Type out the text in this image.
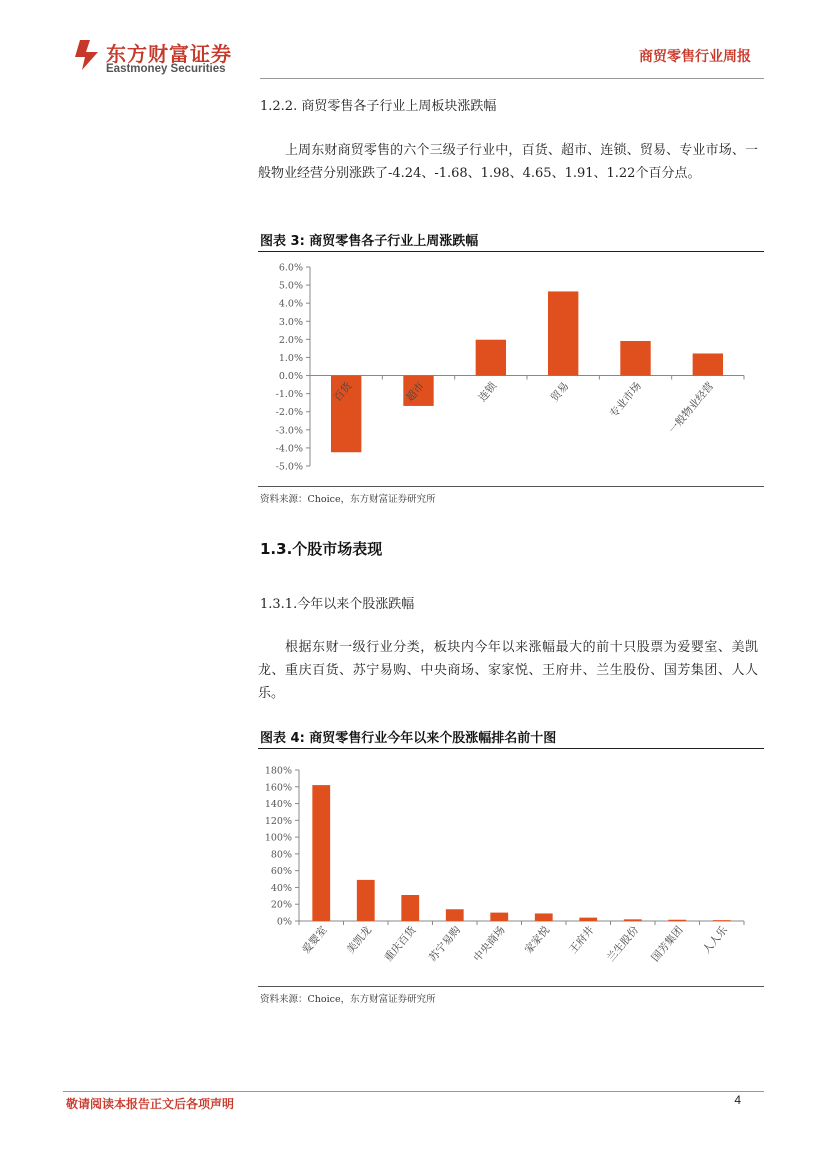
东方财富证券
Eastmoney Securities
商贸零售行业周报
1.2.2. 商贸零售各子行业上周板块涨跌幅
上周东财商贸零售的六个三级子行业中，百货、超市、连锁、贸易、专业市场、一般物业经营分别涨跌了-4.24、-1.68、1.98、4.65、1.91、1.22个百分点。
图表 3: 商贸零售各子行业上周涨跌幅
6.0%
5.0%
4.0%
3.0%
2.0%
1.0%
0.0%
-1.0%
-2.0%
-3.0%
-4.0%
-5.0%
百货	超市	连锁	贸易	专业市场 一般物业经营
资料来源：Choice，东方财富证券研究所
1.3.个股市场表现
1.3.1.今年以来个股涨跌幅
根据东财一级行业分类，板块内今年以来涨幅最大的前十只股票为爱婴室、美凯龙、重庆百货、苏宁易购、中央商场、家家悦、王府井、兰生股份、国芳集团、人人乐。
图表 4: 商贸零售行业今年以来个股涨幅排名前十图
180%
160%
140%
120%
100%
80%
60%
40%
20%
0%
爱婴室 美凯龙 重庆百货 苏宁易购 中央商场 家家悦 王府井 兰生股份 国芳集团 人人乐
资料来源：Choice，东方财富证券研究所
敬请阅读本报告正文后各项声明	4
